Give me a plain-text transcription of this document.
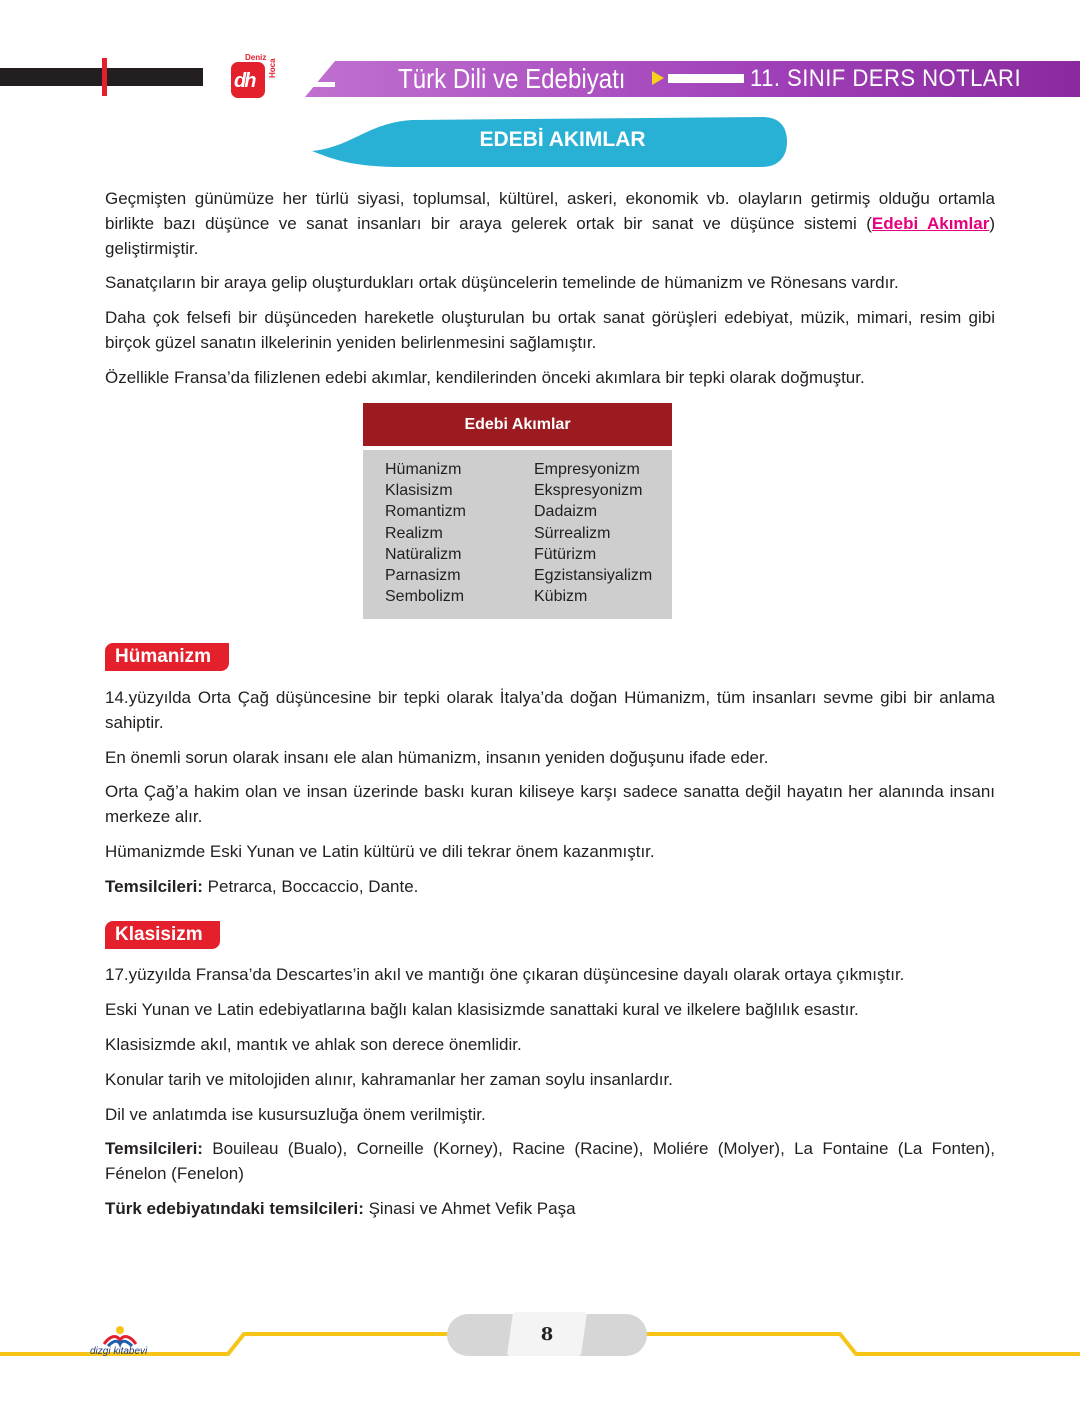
dh
Deniz
Hoca	Türk Dili ve Edebiyatı	11. SINIF DERS NOTLARI
EDEBİ AKIMLAR

Geçmişten günümüze her türlü siyasi, toplumsal, kültürel, askeri, ekonomik vb. olayların getirmiş olduğu ortamla birlikte bazı düşünce ve sanat insanları bir araya gelerek ortak bir sanat ve düşünce sistemi (Edebi Akımlar) geliştirmiştir.

Sanatçıların bir araya gelip oluşturdukları ortak düşüncelerin temelinde de hümanizm ve Rönesans vardır.

Daha çok felsefi bir düşünceden hareketle oluşturulan bu ortak sanat görüşleri edebiyat, müzik, mimari, resim gibi birçok güzel sanatın ilkelerinin yeniden belirlenmesini sağlamıştır.

Özellikle Fransa’da filizlenen edebi akımlar, kendilerinden önceki akımlara bir tepki olarak doğmuştur.

Edebi Akımlar
Hümanizm
Klasisizm
Romantizm
Realizm
Natüralizm
Parnasizm
Sembolizm
Empresyonizm
Ekspresyonizm
Dadaizm
Sürrealizm
Fütürizm
Egzistansiyalizm
Kübizm
Hümanizm

14.yüzyılda Orta Çağ düşüncesine bir tepki olarak İtalya’da doğan Hümanizm, tüm insanları sevme gibi bir anlama sahiptir.

En önemli sorun olarak insanı ele alan hümanizm, insanın yeniden doğuşunu ifade eder.

Orta Çağ’a hakim olan ve insan üzerinde baskı kuran kiliseye karşı sadece sanatta değil hayatın her alanında insanı merkeze alır.

Hümanizmde Eski Yunan ve Latin kültürü ve dili tekrar önem kazanmıştır.

Temsilcileri: Petrarca, Boccaccio, Dante.

Klasisizm

17.yüzyılda Fransa’da Descartes’in akıl ve mantığı öne çıkaran düşüncesine dayalı olarak ortaya çıkmıştır.

Eski Yunan ve Latin edebiyatlarına bağlı kalan klasisizmde sanattaki kural ve ilkelere bağlılık esastır.

Klasisizmde akıl, mantık ve ahlak son derece önemlidir.

Konular tarih ve mitolojiden alınır, kahramanlar her zaman soylu insanlardır.

Dil ve anlatımda ise kusursuzluğa önem verilmiştir.

Temsilcileri: Bouileau (Bualo), Corneille (Korney), Racine (Racine), Moliére (Molyer), La Fontaine (La Fonten), Fénelon (Fenelon)

Türk edebiyatındaki temsilcileri: Şinasi ve Ahmet Vefik Paşa

8
dizgi kitabevi
